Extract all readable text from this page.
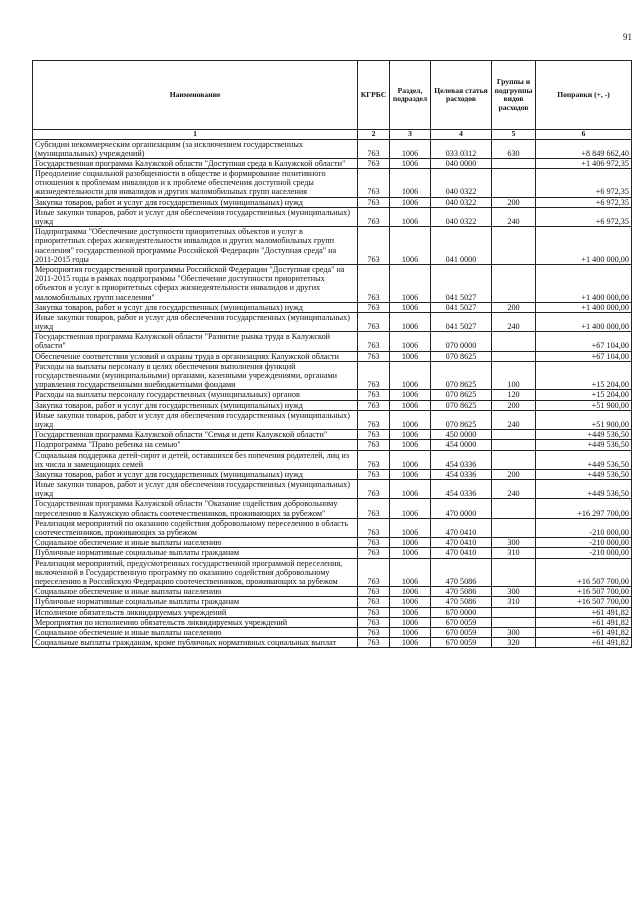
91
Наименование	КГРБС	Раздел, подраздел	Целевая статья расходов	Группы и подгруппы видов расходов	Поправки (+, -)
1	2	3	4	5	6
Субсидии некоммерческим организациям (за исключением государственных (муниципальных) учреждений)	763	1006	033 0312	630	+8 849 662,40
Государственная программа Калужской области "Доступная среда в Калужской области"	763	1006	040 0000		+1 406 972,35
Преодоление социальной разобщенности в обществе и формирование позитивного отношения к проблемам инвалидов и к проблеме обеспечения доступной среды жизнедеятельности для инвалидов и других маломобильных групп населения	763	1006	040 0322		+6 972,35
Закупка товаров, работ и услуг для государственных (муниципальных) нужд	763	1006	040 0322	200	+6 972,35
Иные закупки товаров, работ и услуг для обеспечения государственных (муниципальных) нужд	763	1006	040 0322	240	+6 972,35
Подпрограмма "Обеспечение доступности приоритетных объектов и услуг в приоритетных сферах жизнедеятельности инвалидов и других маломобильных групп населения" государственной программы Российской Федерации "Доступная среда" на 2011-2015 годы	763	1006	041 0000		+1 400 000,00
Мероприятия государственной программы Российской Федерации "Доступная среда" на 2011-2015 годы в рамках подпрограммы "Обеспечение доступности приоритетных объектов и услуг в приоритетных сферах жизнедеятельности инвалидов и других маломобильных групп населения"	763	1006	041 5027		+1 400 000,00
Закупка товаров, работ и услуг для государственных (муниципальных) нужд	763	1006	041 5027	200	+1 400 000,00
Иные закупки товаров, работ и услуг для обеспечения государственных (муниципальных) нужд	763	1006	041 5027	240	+1 400 000,00
Государственная программа Калужской области "Развитие рынка труда в Калужской области"	763	1006	070 0000		+67 104,00
Обеспечение соответствия условий и охраны труда в организациях Калужской области	763	1006	070 8625		+67 104,00
Расходы на выплаты персоналу в целях обеспечения выполнения функций государственными (муниципальными) органами, казенными учреждениями, органами управления государственными внебюджетными фондами	763	1006	070 8625	100	+15 204,00
Расходы на выплаты персоналу государственных (муниципальных) органов	763	1006	070 8625	120	+15 204,00
Закупка товаров, работ и услуг для государственных (муниципальных) нужд	763	1006	070 8625	200	+51 900,00
Иные закупки товаров, работ и услуг для обеспечения государственных (муниципальных) нужд	763	1006	070 8625	240	+51 900,00
Государственная программа Калужской области "Семья и дети Калужской области"	763	1006	450 0000		+449 536,50
Подпрограмма "Право ребенка на семью"	763	1006	454 0000		+449 536,50
Социальная поддержка детей-сирот и детей, оставшихся без попечения родителей, лиц из их числа и замещающих семей	763	1006	454 0336		+449 536,50
Закупка товаров, работ и услуг для государственных (муниципальных) нужд	763	1006	454 0336	200	+449 536,50
Иные закупки товаров, работ и услуг для обеспечения государственных (муниципальных) нужд	763	1006	454 0336	240	+449 536,50
Государственная программа Калужской области "Оказание содействия добровольному переселению в Калужскую область соотечественников, проживающих за рубежом"	763	1006	470 0000		+16 297 700,00
Реализация мероприятий по оказанию содействия добровольному переселению в область соотечественников, проживающих за рубежом	763	1006	470 0410		-210 000,00
Социальное обеспечение и иные выплаты населению	763	1006	470 0410	300	-210 000,00
Публичные нормативные социальные выплаты гражданам	763	1006	470 0410	310	-210 000,00
Реализация мероприятий, предусмотренных государственной программой переселения, включенной в Государственную программу по оказанию содействия добровольному переселению в Российскую Федерацию соотечественников, проживающих за рубежом	763	1006	470 5086		+16 507 700,00
Социальное обеспечение и иные выплаты населению	763	1006	470 5086	300	+16 507 700,00
Публичные нормативные социальные выплаты гражданам	763	1006	470 5086	310	+16 507 700,00
Исполнение обязательств ликвидируемых учреждений	763	1006	670 0000		+61 491,82
Мероприятия по исполнению обязательств ликвидируемых учреждений	763	1006	670 0059		+61 491,82
Социальное обеспечение и иные выплаты населению	763	1006	670 0059	300	+61 491,82
Социальные выплаты гражданам, кроме публичных нормативных социальных выплат	763	1006	670 0059	320	+61 491,82
